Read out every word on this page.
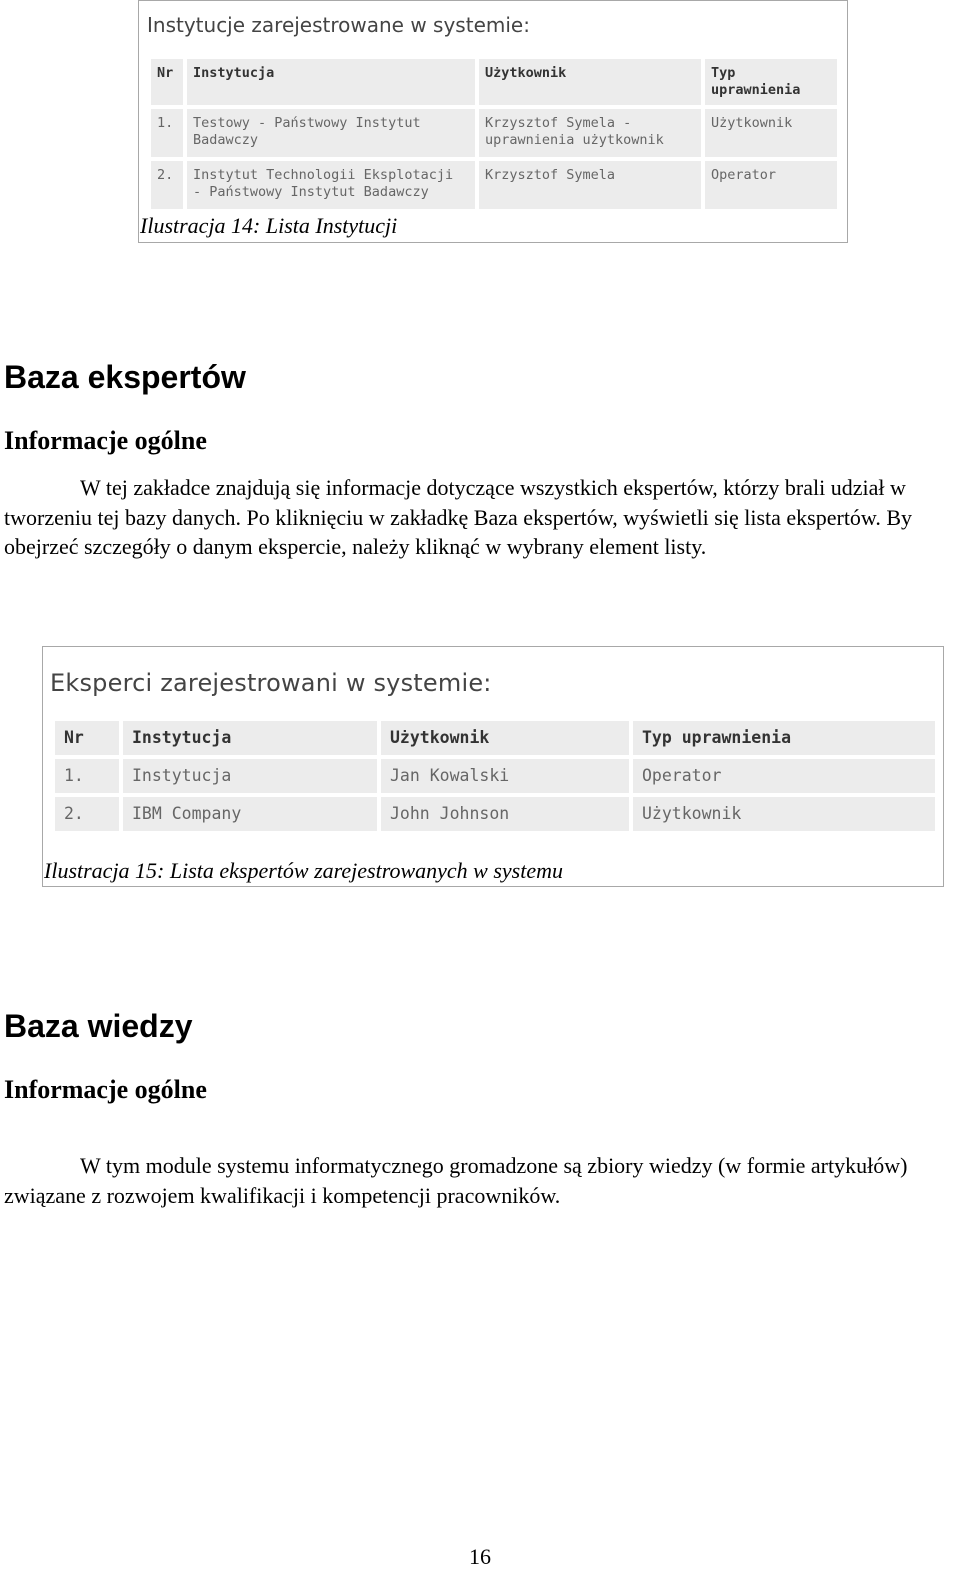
Instytucje zarejestrowane w systemie:
Nr	Instytucja	Użytkownik	Typ uprawnienia
1.	Testowy - Państwowy Instytut Badawczy	Krzysztof Symela - uprawnienia użytkownik	Użytkownik
2.	Instytut Technologii Eksplotacji - Państwowy Instytut Badawczy	Krzysztof Symela	Operator
Ilustracja 14: Lista Instytucji
Baza ekspertów
Informacje ogólne

W tej zakładce znajdują się informacje dotyczące wszystkich ekspertów, którzy brali udział w tworzeniu tej bazy danych. Po kliknięciu w zakładkę Baza ekspertów, wyświetli się lista ekspertów. By obejrzeć szczegóły o danym ekspercie, należy kliknąć w wybrany element listy.

Eksperci zarejestrowani w systemie:
Nr	Instytucja	Użytkownik	Typ uprawnienia
1.	Instytucja	Jan Kowalski	Operator
2.	IBM Company	John Johnson	Użytkownik
Ilustracja 15: Lista ekspertów zarejestrowanych w systemu
Baza wiedzy
Informacje ogólne

W tym module systemu informatycznego gromadzone są zbiory wiedzy (w formie artykułów) związane z rozwojem kwalifikacji i kompetencji pracowników.

16
